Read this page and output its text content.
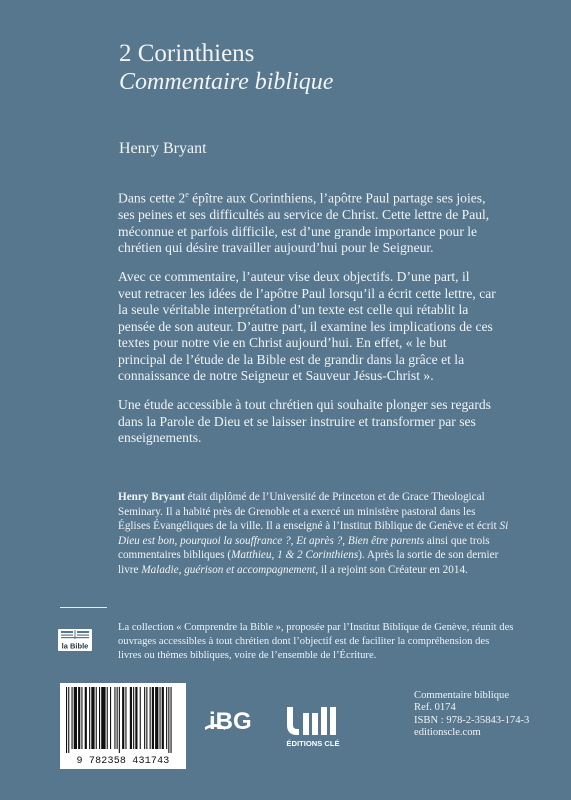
2 Corinthiens
Commentaire biblique
Henry Bryant

Dans cette 2e épître aux Corinthiens, l’apôtre Paul partage ses joies, ses peines et ses difficultés au service de Christ. Cette lettre de Paul, méconnue et parfois difficile, est d’une grande importance pour le chrétien qui désire travailler aujourd’hui pour le Seigneur.

Avec ce commentaire, l’auteur vise deux objectifs. D’une part, il veut retracer les idées de l’apôtre Paul lorsqu’il a écrit cette lettre, car la seule véritable interprétation d’un texte est celle qui rétablit la pensée de son auteur. D’autre part, il examine les implications de ces textes pour notre vie en Christ aujourd’hui. En effet, « le but principal de l’étude de la Bible est de grandir dans la grâce et la connaissance de notre Seigneur et Sauveur Jésus-Christ ».

Une étude accessible à tout chrétien qui souhaite plonger ses regards dans la Parole de Dieu et se laisser instruire et transformer par ses enseignements.

Henry Bryant était diplômé de l’Université de Princeton et de Grace Theological Seminary. Il a habité près de Grenoble et a exercé un ministère pastoral dans les Églises Évangéliques de la ville. Il a enseigné à l’Institut Biblique de Genève et écrit Si Dieu est bon, pourquoi la souffrance ?, Et après ?, Bien être parents ainsi que trois commentaires bibliques (Matthieu, 1 & 2 Corinthiens). Après la sortie de son dernier livre Maladie, guérison et accompagnement, il a rejoint son Créateur en 2014.

la Bible

La collection « Comprendre la Bible », proposée par l’Institut Biblique de Genève, réunit des ouvrages accessibles à tout chrétien dont l’objectif est de faciliter la compréhension des livres ou thèmes bibliques, voire de l’ensemble de l’Écriture.

9 782358 431743
iBG
ÉDITIONS CLÉ
Commentaire biblique
Ref. 0174
ISBN : 978-2-35843-174-3
editionscle.com
